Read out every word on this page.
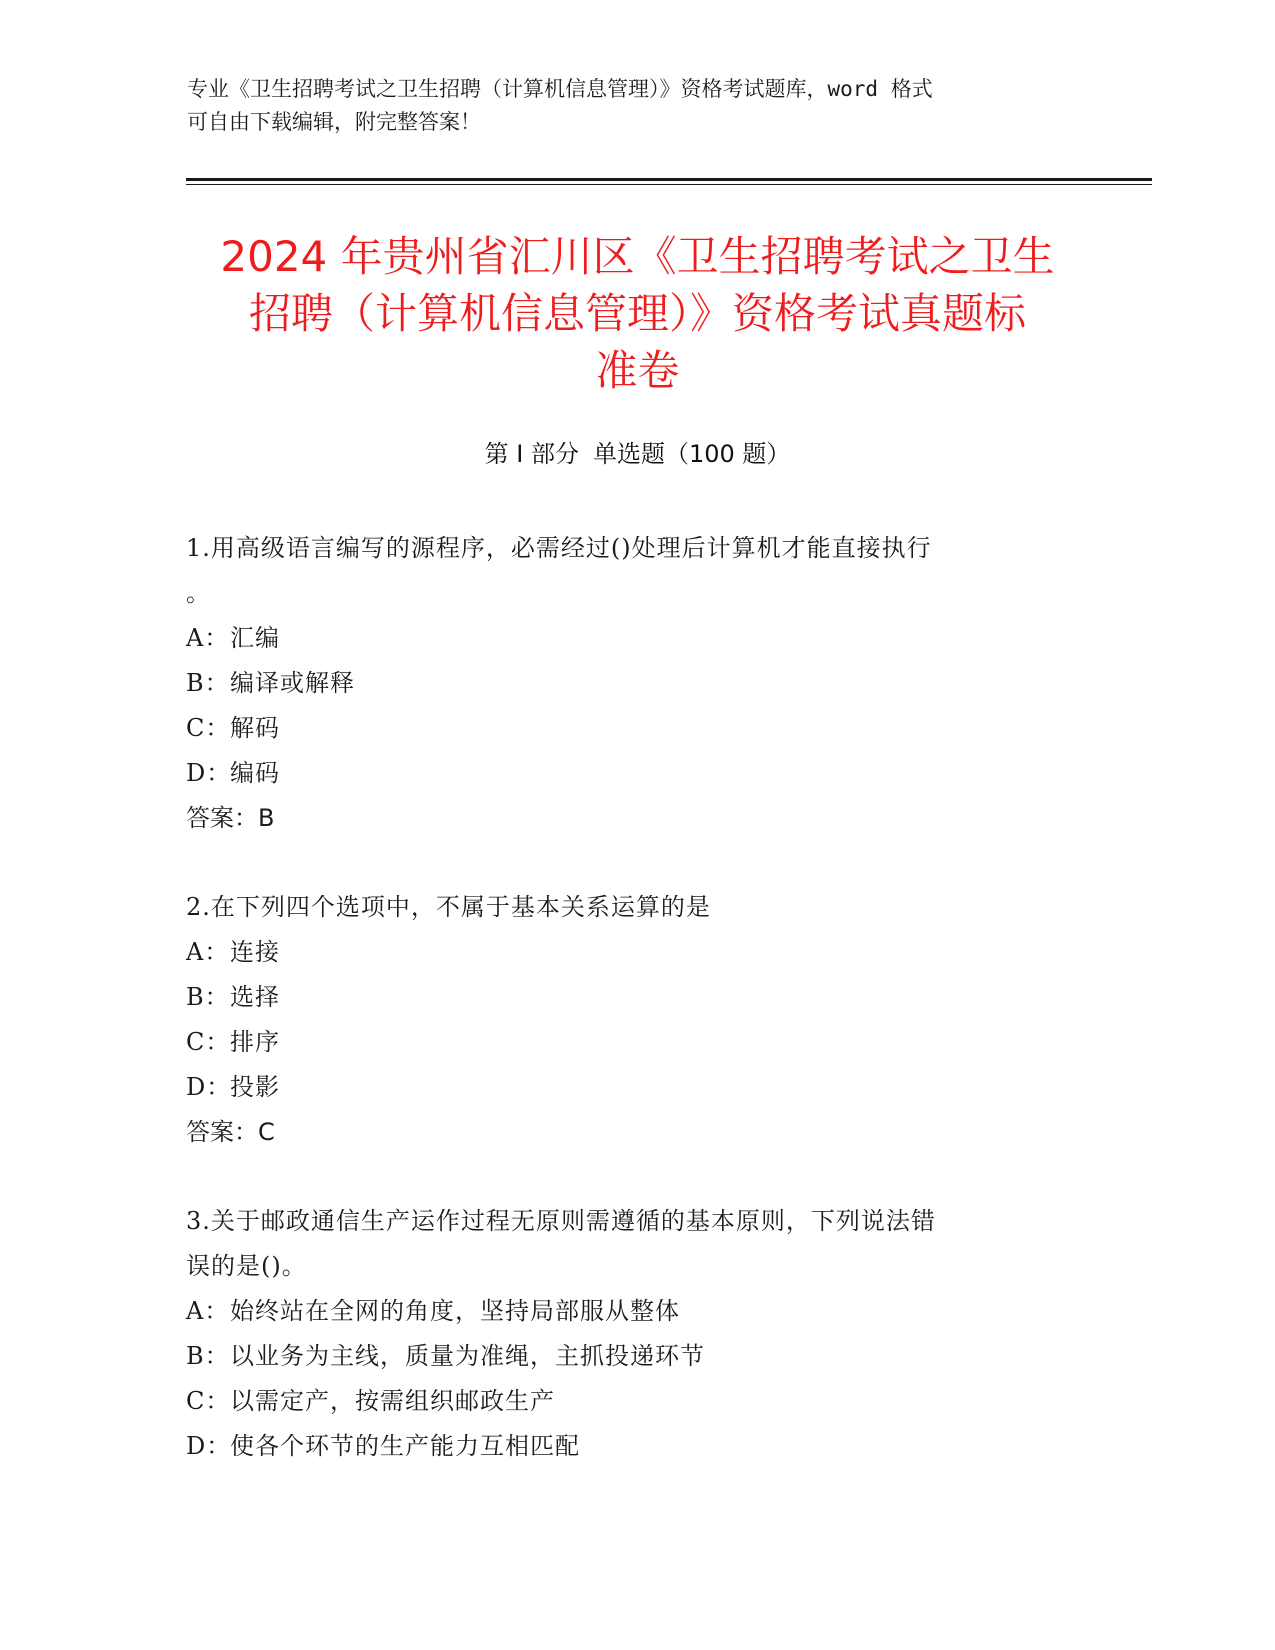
专业《卫生招聘考试之卫生招聘（计算机信息管理）》资格考试题库，word 格式
可自由下载编辑，附完整答案！
2024 年贵州省汇川区《卫生招聘考试之卫生
招聘（计算机信息管理）》资格考试真题标
准卷
第 I 部分 单选题（100 题）
1.用高级语言编写的源程序，必需经过()处理后计算机才能直接执行
。
A：汇编
B：编译或解释
C：解码
D：编码
答案：B
2.在下列四个选项中，不属于基本关系运算的是
A：连接
B：选择
C：排序
D：投影
答案：C
3.关于邮政通信生产运作过程无原则需遵循的基本原则，下列说法错
误的是()。
A：始终站在全网的角度，坚持局部服从整体
B：以业务为主线，质量为准绳，主抓投递环节
C：以需定产，按需组织邮政生产
D：使各个环节的生产能力互相匹配
